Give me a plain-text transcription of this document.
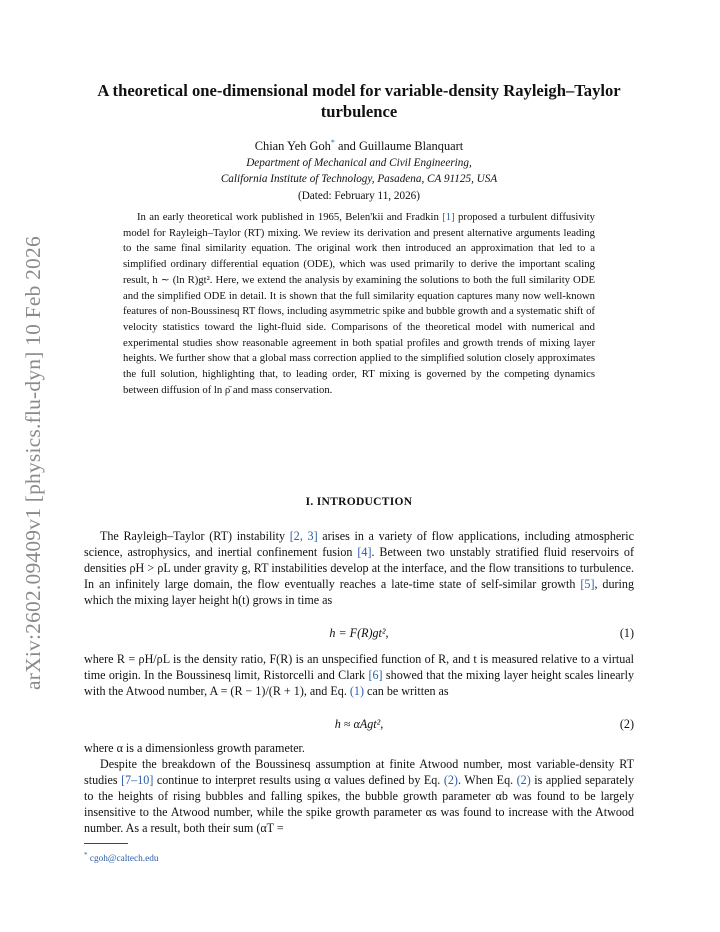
arXiv:2602.09409v1 [physics.flu-dyn] 10 Feb 2026
A theoretical one-dimensional model for variable-density Rayleigh–Taylor turbulence
Chian Yeh Goh* and Guillaume Blanquart
Department of Mechanical and Civil Engineering,
California Institute of Technology, Pasadena, CA 91125, USA
(Dated: February 11, 2026)

In an early theoretical work published in 1965, Belen'kii and Fradkin [1] proposed a turbulent diffusivity model for Rayleigh–Taylor (RT) mixing. We review its derivation and present alternative arguments leading to the same final similarity equation. The original work then introduced an approximation that led to a simplified ordinary differential equation (ODE), which was used primarily to derive the important scaling result, h ∼ (ln R)gt². Here, we extend the analysis by examining the solutions to both the full similarity ODE and the simplified ODE in detail. It is shown that the full similarity equation captures many now well-known features of non-Boussinesq RT flows, including asymmetric spike and bubble growth and a systematic shift of velocity statistics toward the light-fluid side. Comparisons of the theoretical model with numerical and experimental studies show reasonable agreement in both spatial profiles and growth trends of mixing layer heights. We further show that a global mass correction applied to the simplified solution closely approximates the full solution, highlighting that, to leading order, RT mixing is governed by the competing dynamics between diffusion of ln ρ̄ and mass conservation.

I. INTRODUCTION

The Rayleigh–Taylor (RT) instability [2, 3] arises in a variety of flow applications, including atmospheric science, astrophysics, and inertial confinement fusion [4]. Between two unstably stratified fluid reservoirs of densities ρH > ρL under gravity g, RT instabilities develop at the interface, and the flow transitions to turbulence. In an infinitely large domain, the flow eventually reaches a late-time state of self-similar growth [5], during which the mixing layer height h(t) grows in time as

h = F(R)gt²,	(1)

where R = ρH/ρL is the density ratio, F(R) is an unspecified function of R, and t is measured relative to a virtual time origin. In the Boussinesq limit, Ristorcelli and Clark [6] showed that the mixing layer height scales linearly with the Atwood number, A = (R − 1)/(R + 1), and Eq. (1) can be written as

h ≈ αAgt²,	(2)

where α is a dimensionless growth parameter.

Despite the breakdown of the Boussinesq assumption at finite Atwood number, most variable-density RT studies [7–10] continue to interpret results using α values defined by Eq. (2). When Eq. (2) is applied separately to the heights of rising bubbles and falling spikes, the bubble growth parameter αb was found to be largely insensitive to the Atwood number, while the spike growth parameter αs was found to increase with the Atwood number. As a result, both their sum (αT =

* cgoh@caltech.edu
